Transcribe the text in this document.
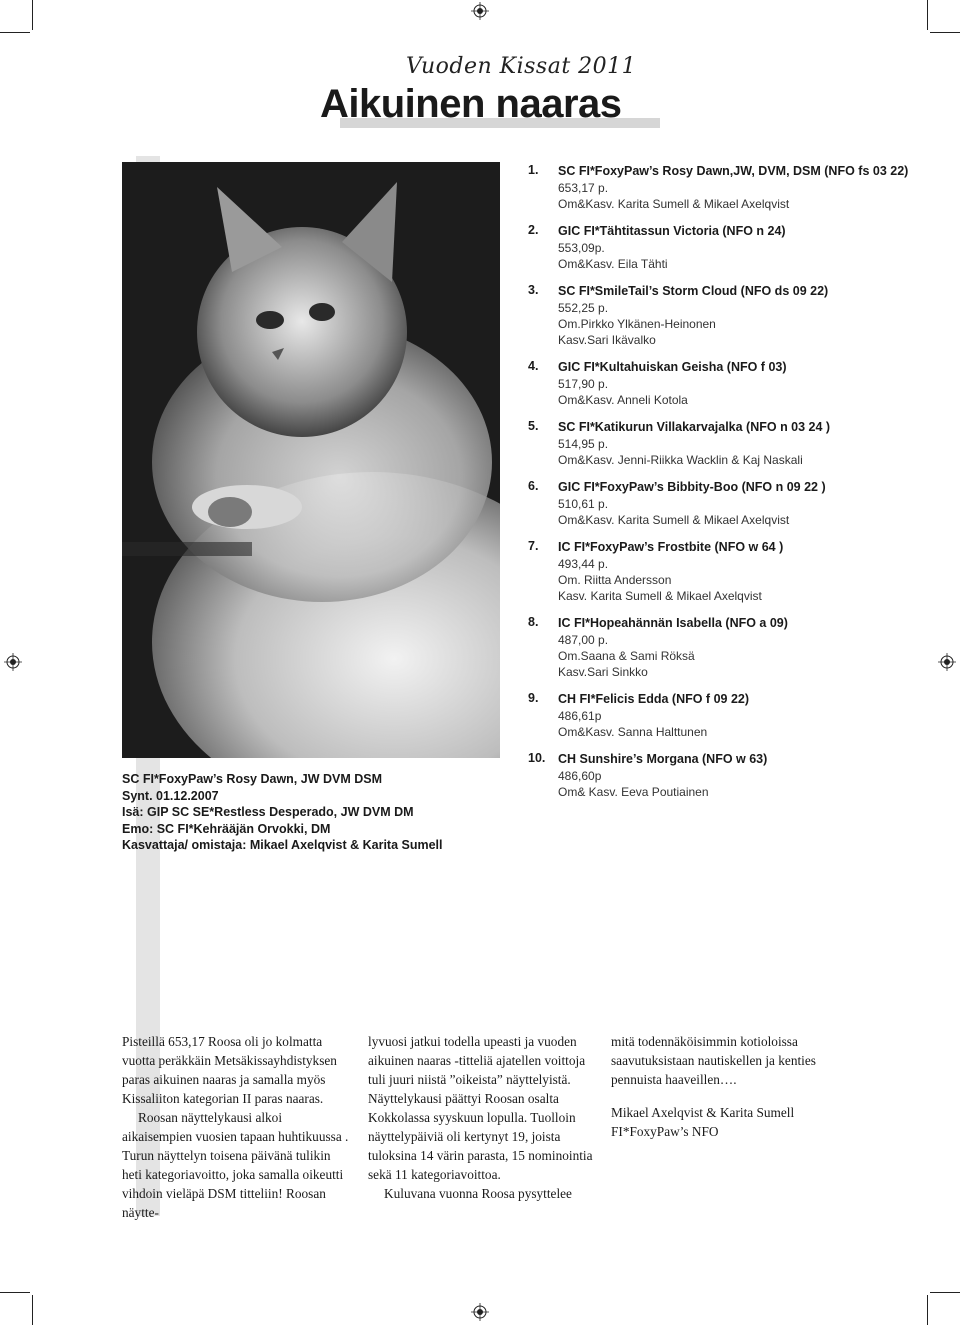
Vuoden Kissat 2011
Aikuinen naaras
SC FI*FoxyPaw’s Rosy Dawn, JW DVM DSM
Synt. 01.12.2007
Isä: GIP SC SE*Restless Desperado, JW DVM DM
Emo: SC FI*Kehrääjän Orvokki, DM
Kasvattaja/ omistaja: Mikael Axelqvist & Karita Sumell
1.	SC FI*FoxyPaw’s Rosy Dawn,JW, DVM, DSM (NFO fs 03 22)
653,17 p.
Om&Kasv. Karita Sumell & Mikael Axelqvist
2.	GIC FI*Tähtitassun Victoria (NFO n 24)
553,09p.
Om&Kasv. Eila Tähti
3.	SC FI*SmileTail’s Storm Cloud (NFO ds 09 22)
552,25 p.
Om.Pirkko Ylkänen-Heinonen
Kasv.Sari Ikävalko
4.	GIC FI*Kultahuiskan Geisha (NFO f 03)
517,90 p.
Om&Kasv. Anneli Kotola
5.	SC FI*Katikurun Villakarvajalka (NFO n 03 24 )
514,95 p.
Om&Kasv. Jenni-Riikka Wacklin & Kaj Naskali
6.	GIC FI*FoxyPaw’s Bibbity-Boo (NFO n 09 22 )
510,61 p.
Om&Kasv. Karita Sumell & Mikael Axelqvist
7.	IC FI*FoxyPaw’s Frostbite (NFO w 64 )
493,44 p.
Om. Riitta Andersson
Kasv. Karita Sumell & Mikael Axelqvist
8.	IC FI*Hopeahännän Isabella (NFO a 09)
487,00 p.
Om.Saana & Sami Röksä
Kasv.Sari Sinkko
9.	CH FI*Felicis Edda (NFO f 09 22)
486,61p
Om&Kasv. Sanna Halttunen
10.	CH Sunshire’s Morgana (NFO w 63)
486,60p
Om& Kasv. Eeva Poutiainen

Pisteillä 653,17 Roosa oli jo kolmatta vuotta peräkkäin Metsäkissayhdistyksen paras aikuinen naaras ja samalla myös Kissaliiton kategorian II paras naaras.

Roosan näyttelykausi alkoi aikaisempien vuosien tapaan huhtikuussa . Turun näyttelyn toisena päivänä tulikin heti kategoriavoitto, joka samalla oikeutti vihdoin vieläpä DSM titteliin! Roosan näytte-

lyvuosi jatkui todella upeasti ja vuoden aikuinen naaras -titteliä ajatellen voittoja tuli juuri niistä ”oikeista” näyttelyistä. Näyttelykausi päättyi Roosan osalta Kokkolassa syyskuun lopulla. Tuolloin näyttelypäiviä oli kertynyt 19, joista tuloksina 14 värin parasta, 15 nominointia sekä 11 kategoriavoittoa.

Kuluvana vuonna Roosa pysyttelee

mitä todennäköisimmin kotioloissa saavutuksistaan nautiskellen ja kenties pennuista haaveillen….

Mikael Axelqvist & Karita Sumell

FI*FoxyPaw’s NFO
